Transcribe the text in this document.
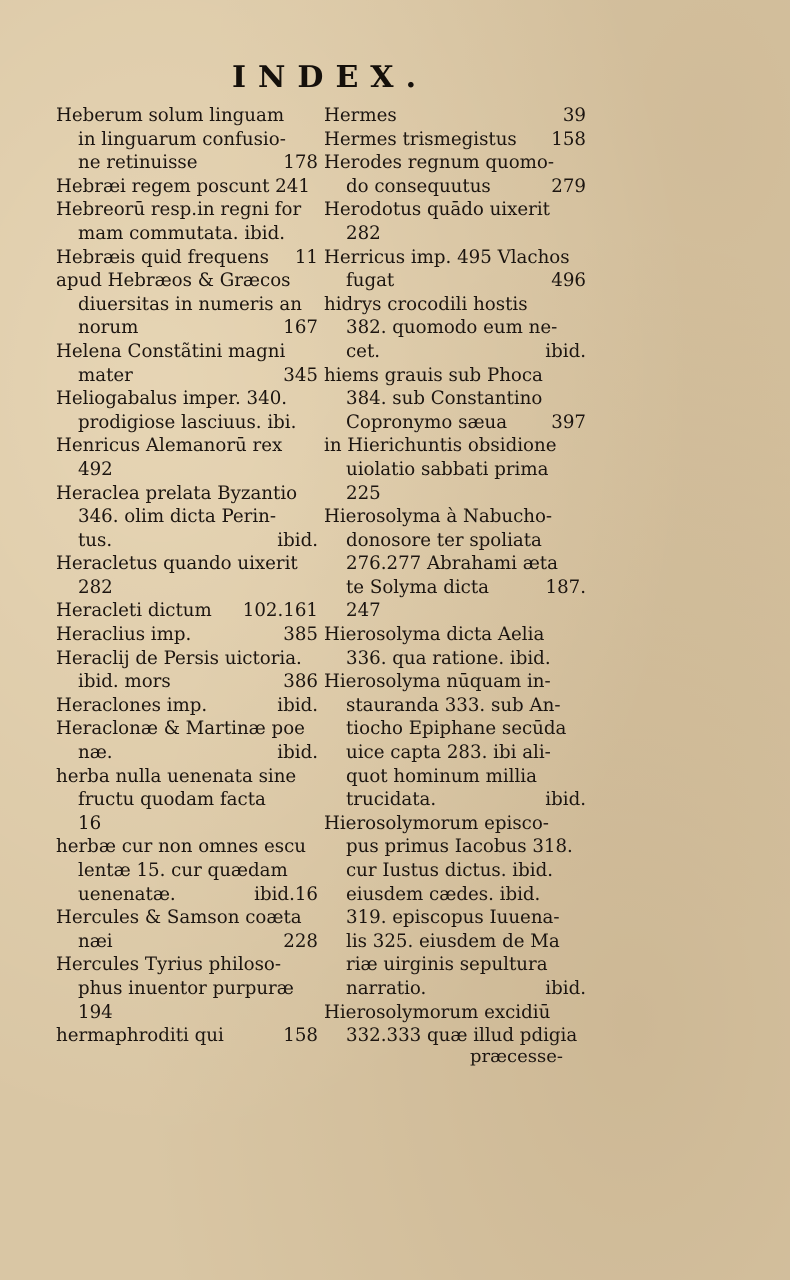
INDEX.
Heberum solum linguam
in linguarum confusio-
ne retinuisse	178
Hebræi regem poscunt 241
Hebreorū resp.in regni for
mam commutata. ibid.
Hebræis quid frequens 11
apud Hebræos & Græcos
diuersitas in numeris an
norum	167
Helena Constãtini magni
mater	345
Heliogabalus imper. 340.
prodigiose lasciuus. ibi.
Henricus Alemanorū rex
492
Heraclea prelata Byzantio
346. olim dicta Perin-
tus.	ibid.
Heracletus quando uixerit
282
Heracleti dictum 102.161
Heraclius imp.	385
Heraclij de Persis uictoria.
ibid. mors	386
Heraclones imp.	ibid.
Heraclonæ & Martinæ poe
næ.	ibid.
herba nulla uenenata sine
fructu quodam facta
16
herbæ cur non omnes escu
lentæ 15. cur quædam
uenenatæ.	ibid.16
Hercules & Samson coæta
næi	228
Hercules Tyrius philoso-
phus inuentor purpuræ
194
hermaphroditi qui	158
Hermes	39
Hermes trismegistus 158
Herodes regnum quomo-
do consequutus	279
Herodotus quādo uixerit
282
Herricus imp. 495 Vlachos
fugat	496
hidrys crocodili hostis
382. quomodo eum ne-
cet.	ibid.
hiems grauis sub Phoca
384. sub Constantino
Copronymo sæua 397
in Hierichuntis obsidione
uiolatio sabbati prima
225
Hierosolyma à Nabucho-
donosore ter spoliata
276.277 Abrahami æta
te Solyma dicta	187.
247
Hierosolyma dicta Aelia
336. qua ratione. ibid.
Hierosolyma nūquam in-
stauranda 333. sub An-
tiocho Epiphane secūda
uice capta 283. ibi ali-
quot hominum millia
trucidata.	ibid.
Hierosolymorum episco-
pus primus Iacobus 318.
cur Iustus dictus. ibid.
eiusdem cædes. ibid.
319. episcopus Iuuena-
lis 325. eiusdem de Ma
riæ uirginis sepultura
narratio.	ibid.
Hierosolymorum excidiū
332.333 quæ illud pdigia
præcesse-
